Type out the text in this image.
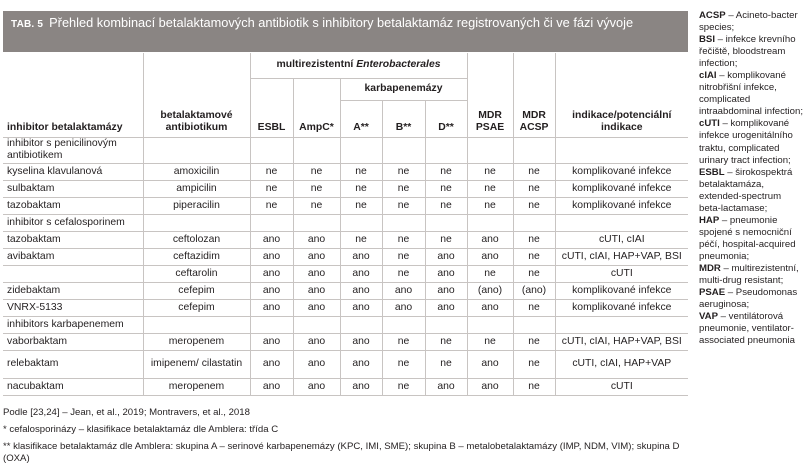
TAB. 5 Přehled kombinací betalaktamových antibiotik s inhibitory betalaktamáz registrovaných či ve fázi vývoje
inhibitor betalaktamázy	betalaktamové antibiotikum	multirezistentní Enterobacterales					MDR PSAE	MDR ACSP	indikace/potenciální indikace
		ESBL	AmpC*	karbapenemázy					
				A**	B**	D**			
inhibitor s penicilinovým antibiotikem									
kyselina klavulanová	amoxicilin	ne	ne	ne	ne	ne	ne	ne	komplikované infekce
sulbaktam	ampicilin	ne	ne	ne	ne	ne	ne	ne	komplikované infekce
tazobaktam	piperacilin	ne	ne	ne	ne	ne	ne	ne	komplikované infekce
inhibitor s cefalosporinem									
tazobaktam	ceftolozan	ano	ano	ne	ne	ne	ano	ne	cUTI, cIAI
avibaktam	ceftazidim	ano	ano	ano	ne	ano	ano	ne	cUTI, cIAI, HAP+VAP, BSI
	ceftarolin	ano	ano	ano	ne	ano	ne	ne	cUTI
zidebaktam	cefepim	ano	ano	ano	ano	ano	(ano)	(ano)	komplikované infekce
VNRX-5133	cefepim	ano	ano	ano	ano	ano	ano	ne	komplikované infekce
inhibitors karbapenemem									
vaborbaktam	meropenem	ano	ano	ano	ne	ne	ne	ne	cUTI, cIAI, HAP+VAP, BSI
relebaktam	imipenem/ cilastatin	ano	ano	ano	ne	ne	ano	ne	cUTI, cIAI, HAP+VAP
nacubaktam	meropenem	ano	ano	ano	ne	ano	ano	ne	cUTI

Podle [23,24] – Jean, et al., 2019; Montravers, et al., 2018

* cefalosporinázy – klasifikace betalaktamáz dle Amblera: třída C

** klasifikace betalaktamáz dle Amblera: skupina A – serinové karbapenemázy (KPC, IMI, SME); skupina B – metalobetalaktamázy (IMP, NDM, VIM); skupina D (OXA)

ACSP – Acineto-bacter species;

BSI – infekce krevního řečiště, bloodstream infection;

cIAI – komplikované nitrobřišní infekce, complicated intraabdominal infection;

cUTI – komplikované infekce urogenitálního traktu, complicated urinary tract infection;

ESBL – širokospektrá betalaktamáza, extended-spectrum beta-lactamase;

HAP – pneumonie spojené s nemocniční péčí, hospital-acquired pneumonia;

MDR – multirezistentní, multi-drug resistant;

PSAE – Pseudomonas aeruginosa;

VAP – ventilátorová pneumonie, ventilator-associated pneumonia
